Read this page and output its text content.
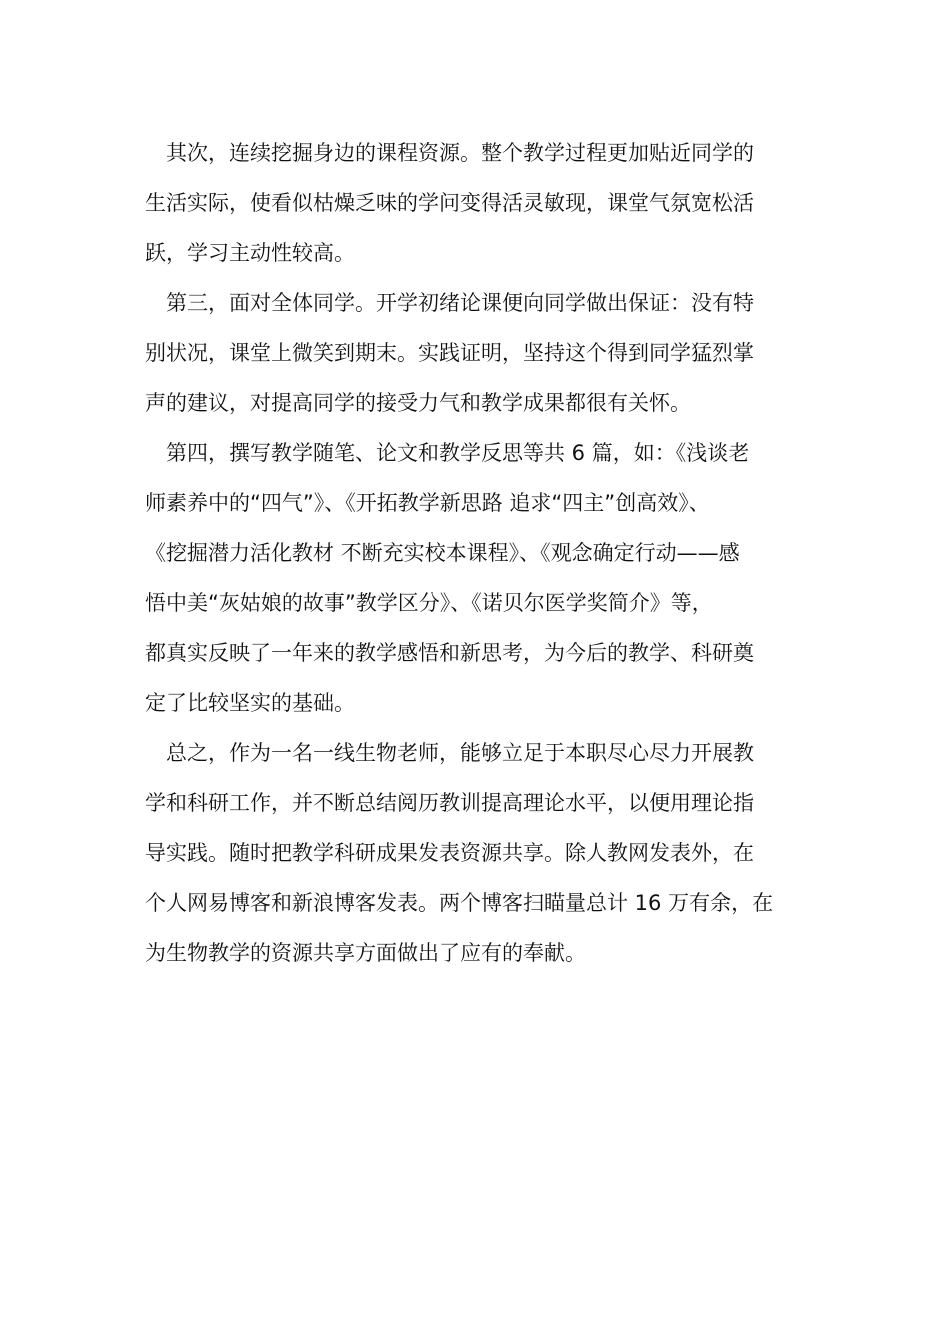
其次，连续挖掘身边的课程资源。整个教学过程更加贴近同学的
生活实际，使看似枯燥乏味的学问变得活灵敏现，课堂气氛宽松活
跃，学习主动性较高。
第三，面对全体同学。开学初绪论课便向同学做出保证：没有特
别状况，课堂上微笑到期末。实践证明，坚持这个得到同学猛烈掌
声的建议，对提高同学的接受力气和教学成果都很有关怀。
第四，撰写教学随笔、论文和教学反思等共 6 篇，如：《浅谈老
师素养中的“四气”》、《开拓教学新思路 追求“四主”创高效》、
《挖掘潜力活化教材 不断充实校本课程》、《观念确定行动——感
悟中美“灰姑娘的故事”教学区分》、《诺贝尔医学奖简介》等，
都真实反映了一年来的教学感悟和新思考，为今后的教学、科研奠
定了比较坚实的基础。
总之，作为一名一线生物老师，能够立足于本职尽心尽力开展教
学和科研工作，并不断总结阅历教训提高理论水平，以便用理论指
导实践。随时把教学科研成果发表资源共享。除人教网发表外，在
个人网易博客和新浪博客发表。两个博客扫瞄量总计 16 万有余，在
为生物教学的资源共享方面做出了应有的奉献。
